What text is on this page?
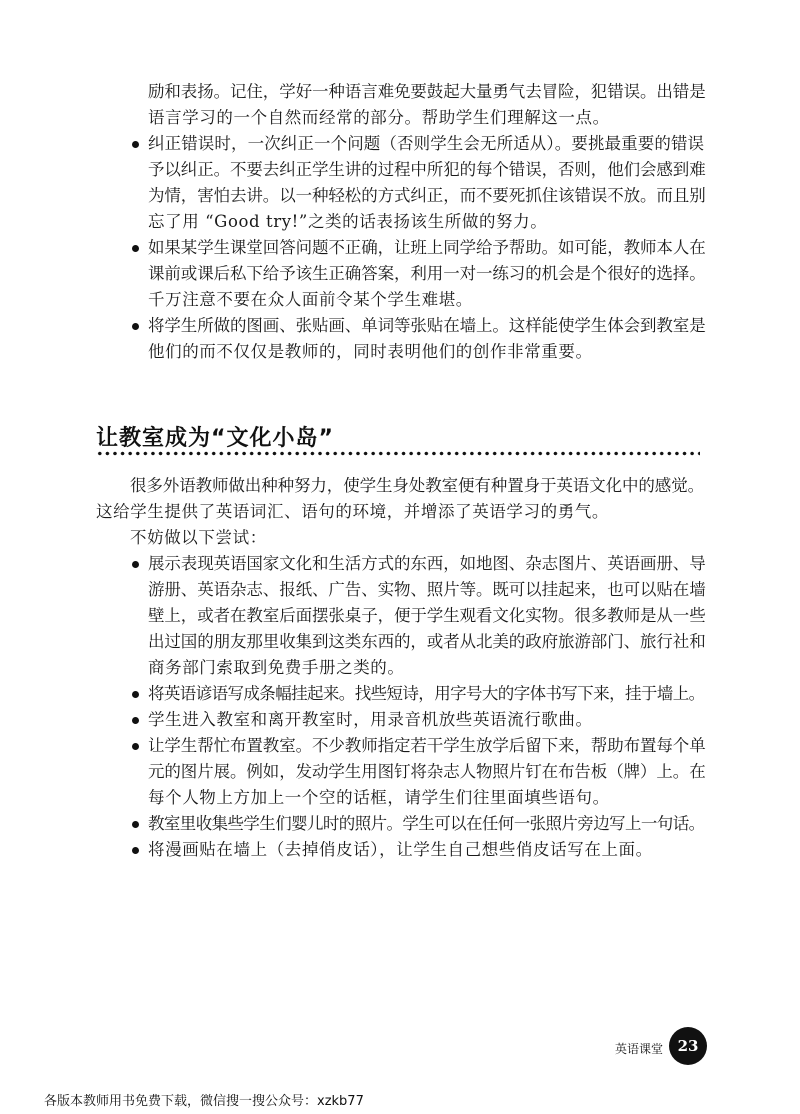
励和表扬。记住，学好一种语言难免要鼓起大量勇气去冒险，犯错误。出错是
语言学习的一个自然而经常的部分。帮助学生们理解这一点。
纠正错误时，一次纠正一个问题（否则学生会无所适从）。要挑最重要的错误
予以纠正。不要去纠正学生讲的过程中所犯的每个错误，否则，他们会感到难
为情，害怕去讲。以一种轻松的方式纠正，而不要死抓住该错误不放。而且别
忘了用 “Good try!”之类的话表扬该生所做的努力。
如果某学生课堂回答问题不正确，让班上同学给予帮助。如可能，教师本人在
课前或课后私下给予该生正确答案，利用一对一练习的机会是个很好的选择。
千万注意不要在众人面前令某个学生难堪。
将学生所做的图画、张贴画、单词等张贴在墙上。这样能使学生体会到教室是
他们的而不仅仅是教师的，同时表明他们的创作非常重要。
让教室成为“文化小岛”
很多外语教师做出种种努力，使学生身处教室便有种置身于英语文化中的感觉。
这给学生提供了英语词汇、语句的环境，并增添了英语学习的勇气。
不妨做以下尝试：
展示表现英语国家文化和生活方式的东西，如地图、杂志图片、英语画册、导
游册、英语杂志、报纸、广告、实物、照片等。既可以挂起来，也可以贴在墙
壁上，或者在教室后面摆张桌子，便于学生观看文化实物。很多教师是从一些
出过国的朋友那里收集到这类东西的，或者从北美的政府旅游部门、旅行社和
商务部门索取到免费手册之类的。
将英语谚语写成条幅挂起来。找些短诗，用字号大的字体书写下来，挂于墙上。
学生进入教室和离开教室时，用录音机放些英语流行歌曲。
让学生帮忙布置教室。不少教师指定若干学生放学后留下来，帮助布置每个单
元的图片展。例如，发动学生用图钉将杂志人物照片钉在布告板（牌）上。在
每个人物上方加上一个空的话框，请学生们往里面填些语句。
教室里收集些学生们婴儿时的照片。学生可以在任何一张照片旁边写上一句话。
将漫画贴在墙上（去掉俏皮话），让学生自己想些俏皮话写在上面。
英语课堂 23
各版本教师用书免费下载，微信搜一搜公众号：xzkb77
